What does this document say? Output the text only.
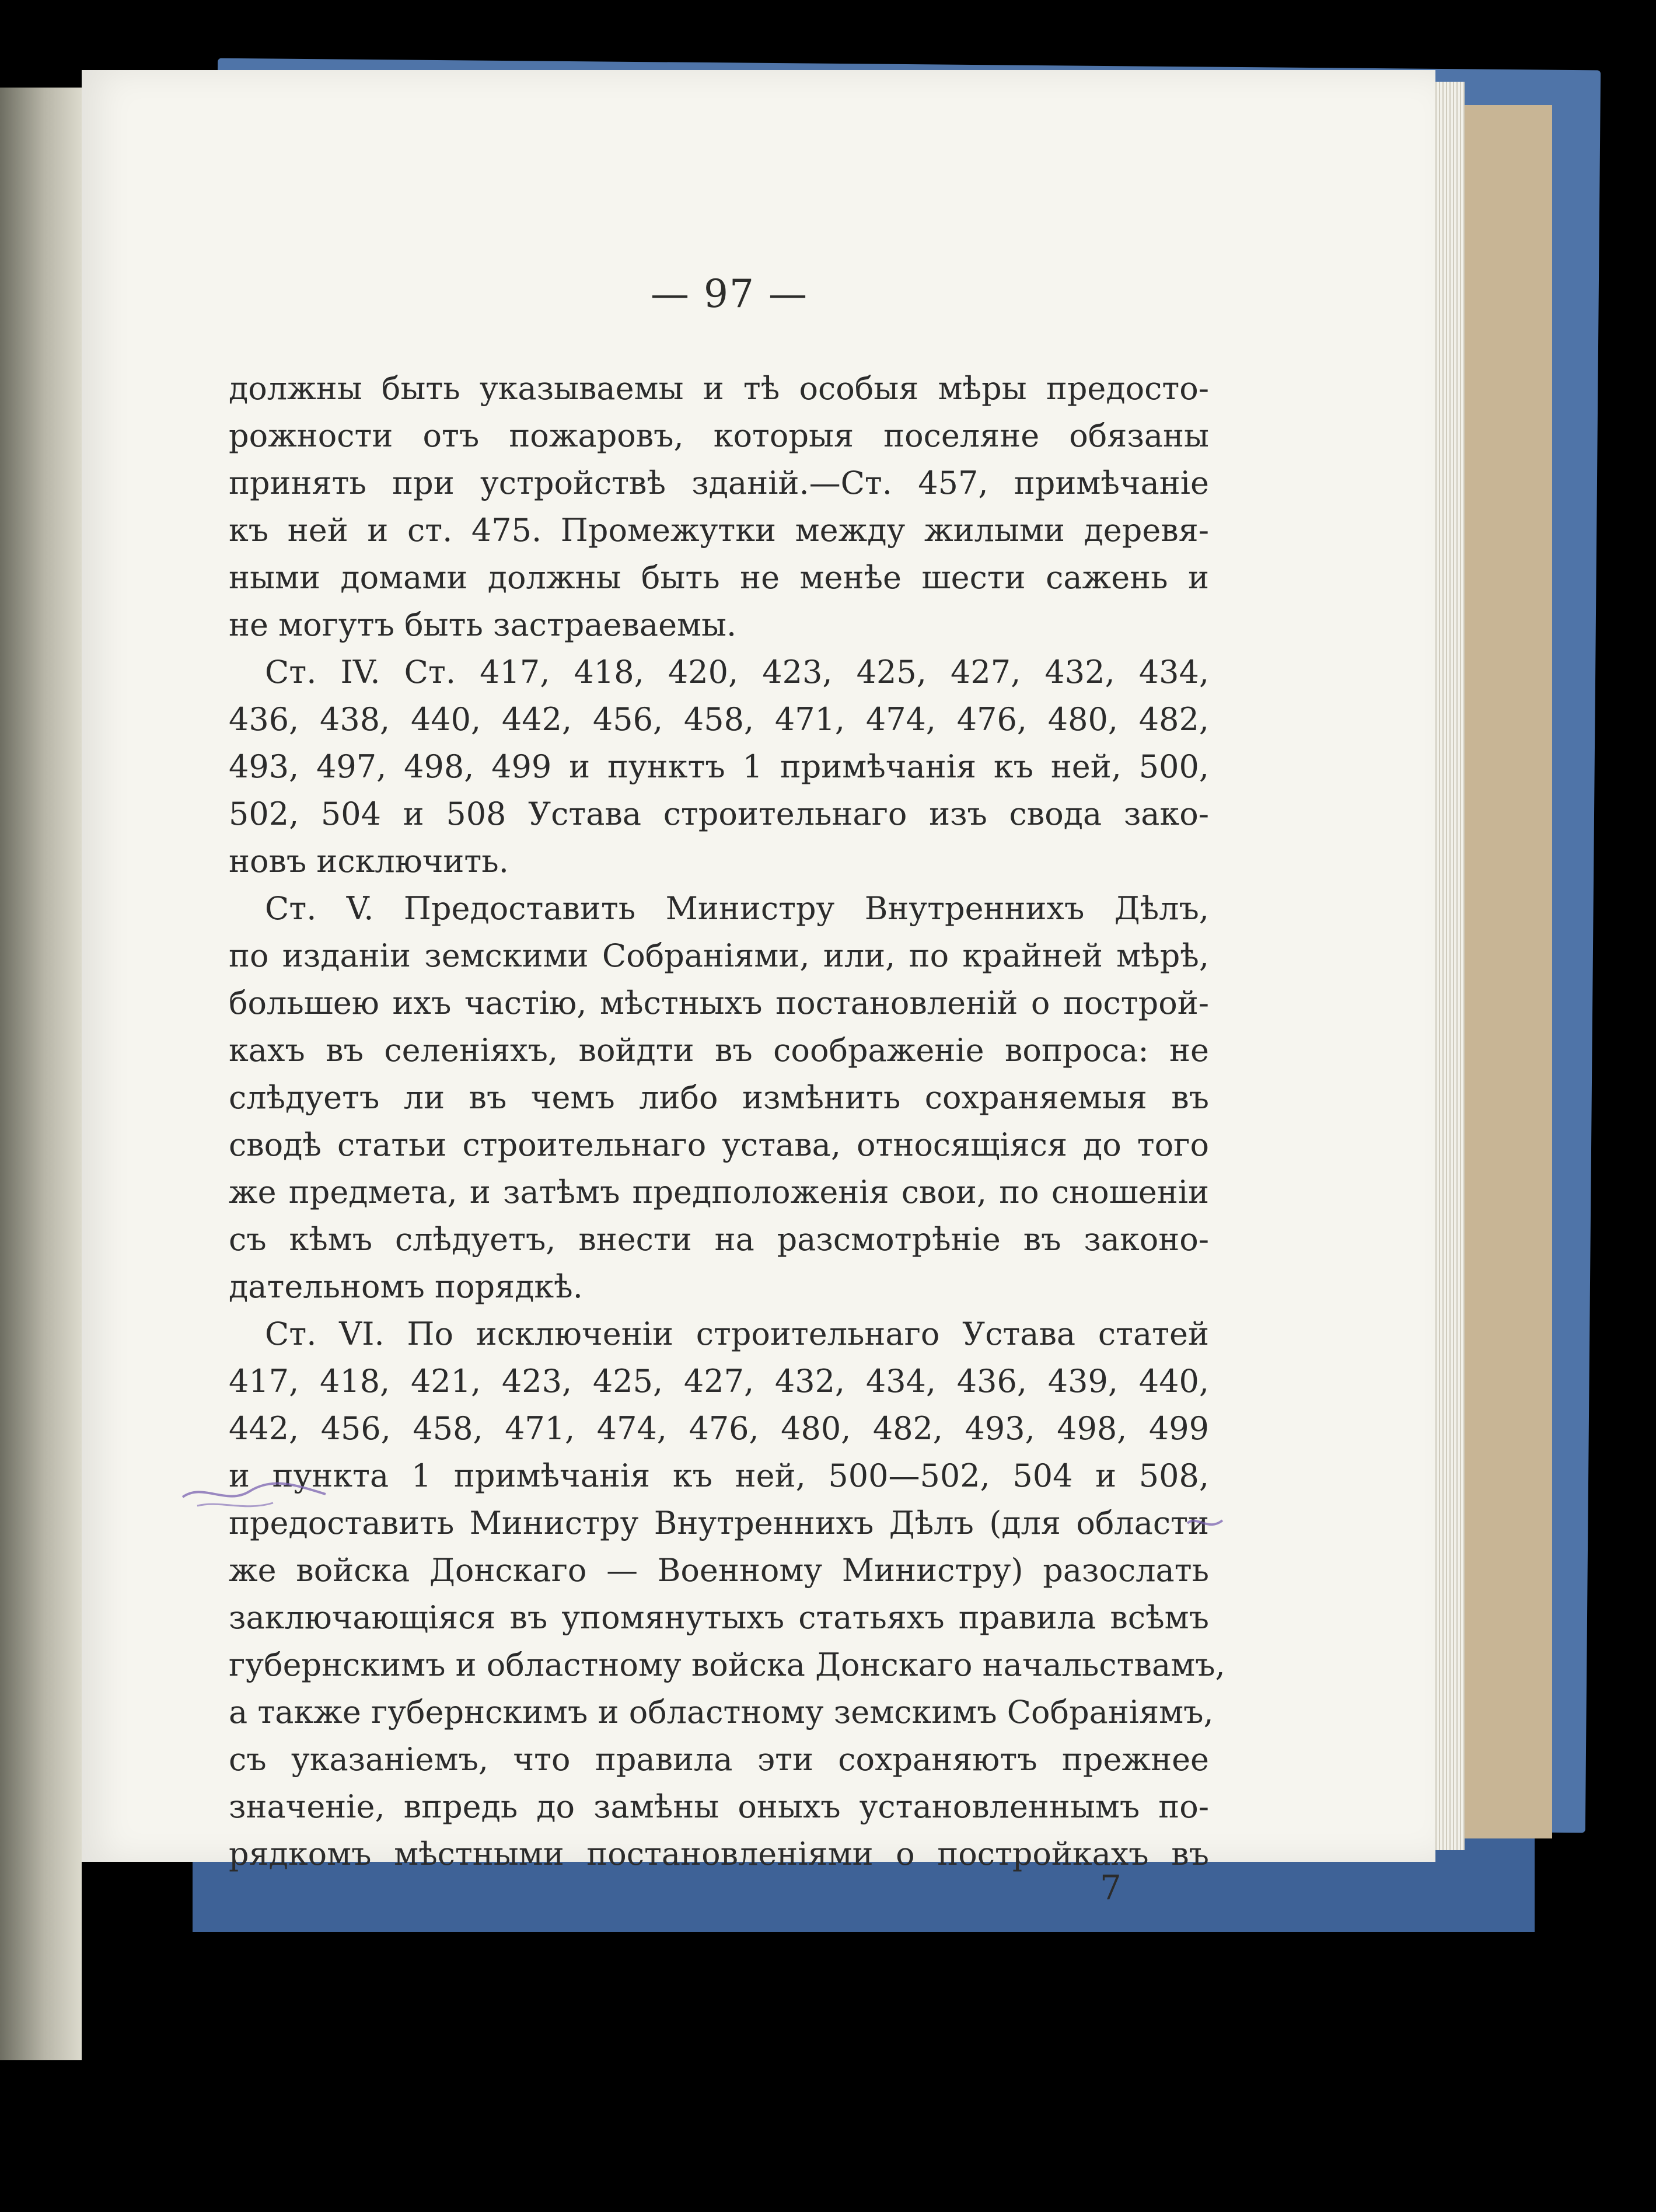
— 97 —
должны быть указываемы и тѣ особыя мѣры предосто-
рожности отъ пожаровъ, которыя поселяне обязаны
принять при устройствѣ зданій.—Ст. 457, примѣчаніе
къ ней и ст. 475. Промежутки между жилыми деревя-
ными домами должны быть не менѣе шести сажень и
не могутъ быть застраеваемы.
Ст. IV. Ст. 417, 418, 420, 423, 425, 427, 432, 434,
436, 438, 440, 442, 456, 458, 471, 474, 476, 480, 482,
493, 497, 498, 499 и пунктъ 1 примѣчанія къ ней, 500,
502, 504 и 508 Устава строительнаго изъ свода зако-
новъ исключить.
Ст. V. Предоставить Министру Внутреннихъ Дѣлъ,
по изданіи земскими Собраніями, или, по крайней мѣрѣ,
большею ихъ частію, мѣстныхъ постановленій о построй-
кахъ въ селеніяхъ, войдти въ соображеніе вопроса: не
слѣдуетъ ли въ чемъ либо измѣнить сохраняемыя въ
сводѣ статьи строительнаго устава, относящіяся до того
же предмета, и затѣмъ предположенія свои, по сношеніи
съ кѣмъ слѣдуетъ, внести на разсмотрѣніе въ законо-
дательномъ порядкѣ.
Ст. VI. По исключеніи строительнаго Устава статей
417, 418, 421, 423, 425, 427, 432, 434, 436, 439, 440,
442, 456, 458, 471, 474, 476, 480, 482, 493, 498, 499
и пункта 1 примѣчанія къ ней, 500—502, 504 и 508,
предоставить Министру Внутреннихъ Дѣлъ (для области
же войска Донскаго — Военному Министру) разослать
заключающіяся въ упомянутыхъ статьяхъ правила всѣмъ
губернскимъ и областному войска Донскаго начальствамъ,
а также губернскимъ и областному земскимъ Собраніямъ,
съ указаніемъ, что правила эти сохраняютъ прежнее
значеніе, впредь до замѣны оныхъ установленнымъ по-
рядкомъ мѣстными постановленіями о постройкахъ въ
7
